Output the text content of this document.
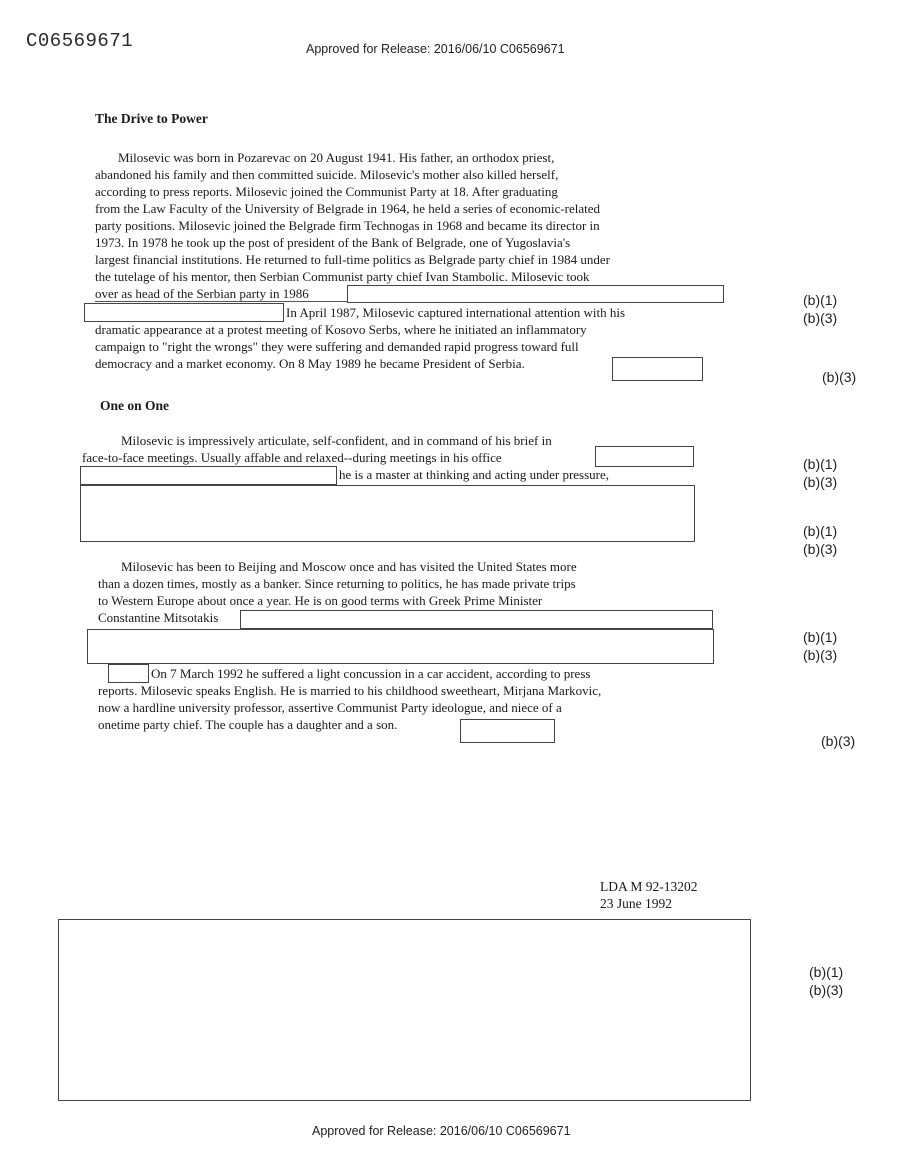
C06569671	Approved for Release: 2016/06/10 C06569671
The Drive to Power
Milosevic was born in Pozarevac on 20 August 1941. His father, an orthodox priest,
abandoned his family and then committed suicide. Milosevic's mother also killed herself,
according to press reports. Milosevic joined the Communist Party at 18. After graduating
from the Law Faculty of the University of Belgrade in 1964, he held a series of economic-related
party positions. Milosevic joined the Belgrade firm Technogas in 1968 and became its director in
1973. In 1978 he took up the post of president of the Bank of Belgrade, one of Yugoslavia's
largest financial institutions. He returned to full-time politics as Belgrade party chief in 1984 under
the tutelage of his mentor, then Serbian Communist party chief Ivan Stambolic. Milosevic took
over as head of the Serbian party in 1986
In April 1987, Milosevic captured international attention with his
dramatic appearance at a protest meeting of Kosovo Serbs, where he initiated an inflammatory
campaign to "right the wrongs" they were suffering and demanded rapid progress toward full
democracy and a market economy. On 8 May 1989 he became President of Serbia.
(b)(1)
(b)(3)
(b)(3)
One on One
Milosevic is impressively articulate, self-confident, and in command of his brief in
face-to-face meetings. Usually affable and relaxed--during meetings in his office
he is a master at thinking and acting under pressure,
(b)(1)
(b)(3)
(b)(1)
(b)(3)
Milosevic has been to Beijing and Moscow once and has visited the United States more
than a dozen times, mostly as a banker. Since returning to politics, he has made private trips
to Western Europe about once a year. He is on good terms with Greek Prime Minister
Constantine Mitsotakis
(b)(1)
(b)(3)
On 7 March 1992 he suffered a light concussion in a car accident, according to press
reports. Milosevic speaks English. He is married to his childhood sweetheart, Mirjana Markovic,
now a hardline university professor, assertive Communist Party ideologue, and niece of a
onetime party chief. The couple has a daughter and a son.
(b)(3)
LDA M 92-13202
23 June 1992
(b)(1)
(b)(3)
Approved for Release: 2016/06/10 C06569671
